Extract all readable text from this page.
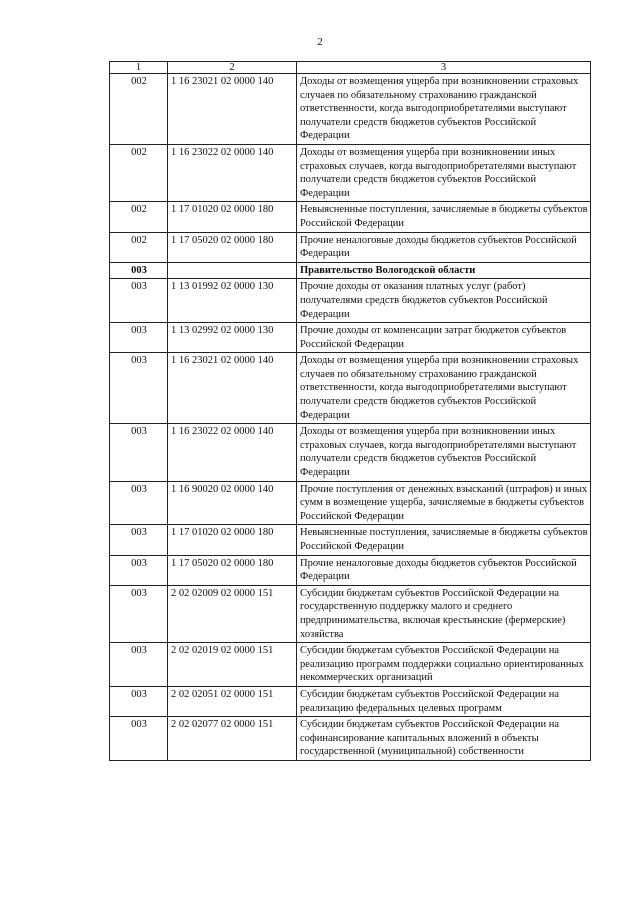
2
1	2	3
002	1 16 23021 02 0000 140	Доходы от возмещения ущерба при возникновении страховых случаев по обязательному страхованию гражданской ответственности, когда выгодоприобретателями выступают получатели средств бюджетов субъектов Российской Федерации
002	1 16 23022 02 0000 140	Доходы от возмещения ущерба при возникновении иных страховых случаев, когда выгодоприобретателями выступают получатели средств бюджетов субъектов Российской Федерации
002	1 17 01020 02 0000 180	Невыясненные поступления, зачисляемые в бюджеты субъектов Российской Федерации
002	1 17 05020 02 0000 180	Прочие неналоговые доходы бюджетов субъектов Российской Федерации
003		Правительство Вологодской области
003	1 13 01992 02 0000 130	Прочие доходы от оказания платных услуг (работ) получателями средств бюджетов субъектов Российской Федерации
003	1 13 02992 02 0000 130	Прочие доходы от компенсации затрат бюджетов субъектов Российской Федерации
003	1 16 23021 02 0000 140	Доходы от возмещения ущерба при возникновении страховых случаев по обязательному страхованию гражданской ответственности, когда выгодоприобретателями выступают получатели средств бюджетов субъектов Российской Федерации
003	1 16 23022 02 0000 140	Доходы от возмещения ущерба при возникновении иных страховых случаев, когда выгодоприобретателями выступают получатели средств бюджетов субъектов Российской Федерации
003	1 16 90020 02 0000 140	Прочие поступления от денежных взысканий (штрафов) и иных сумм в возмещение ущерба, зачисляемые в бюджеты субъектов Российской Федерации
003	1 17 01020 02 0000 180	Невыясненные поступления, зачисляемые в бюджеты субъектов Российской Федерации
003	1 17 05020 02 0000 180	Прочие неналоговые доходы бюджетов субъектов Российской Федерации
003	2 02 02009 02 0000 151	Субсидии бюджетам субъектов Российской Федерации на государственную поддержку малого и среднего предпринимательства, включая крестьянские (фермерские) хозяйства
003	2 02 02019 02 0000 151	Субсидии бюджетам субъектов Российской Федерации на реализацию программ поддержки социально ориентированных некоммерческих организаций
003	2 02 02051 02 0000 151	Субсидии бюджетам субъектов Российской Федерации на реализацию федеральных целевых программ
003	2 02 02077 02 0000 151	Субсидии бюджетам субъектов Российской Федерации на софинансирование капитальных вложений в объекты государственной (муниципальной) собственности
